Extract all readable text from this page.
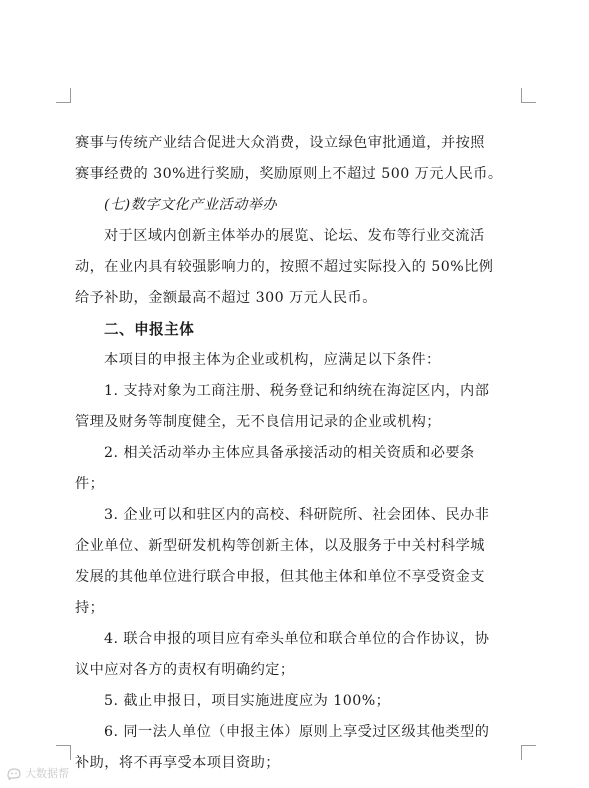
赛事与传统产业结合促进大众消费，设立绿色审批通道，并按照
赛事经费的 30%进行奖励，奖励原则上不超过 500 万元人民币。
(七)数字文化产业活动举办
对于区域内创新主体举办的展览、论坛、发布等行业交流活
动，在业内具有较强影响力的，按照不超过实际投入的 50%比例
给予补助，金额最高不超过 300 万元人民币。
二、申报主体
本项目的申报主体为企业或机构，应满足以下条件：
1. 支持对象为工商注册、税务登记和纳统在海淀区内，内部
管理及财务等制度健全，无不良信用记录的企业或机构；
2. 相关活动举办主体应具备承接活动的相关资质和必要条
件；
3. 企业可以和驻区内的高校、科研院所、社会团体、民办非
企业单位、新型研发机构等创新主体，以及服务于中关村科学城
发展的其他单位进行联合申报，但其他主体和单位不享受资金支
持；
4. 联合申报的项目应有牵头单位和联合单位的合作协议，协
议中应对各方的责权有明确约定；
5. 截止申报日，项目实施进度应为 100%；
6. 同一法人单位（申报主体）原则上享受过区级其他类型的
补助，将不再享受本项目资助；
大数据帮
